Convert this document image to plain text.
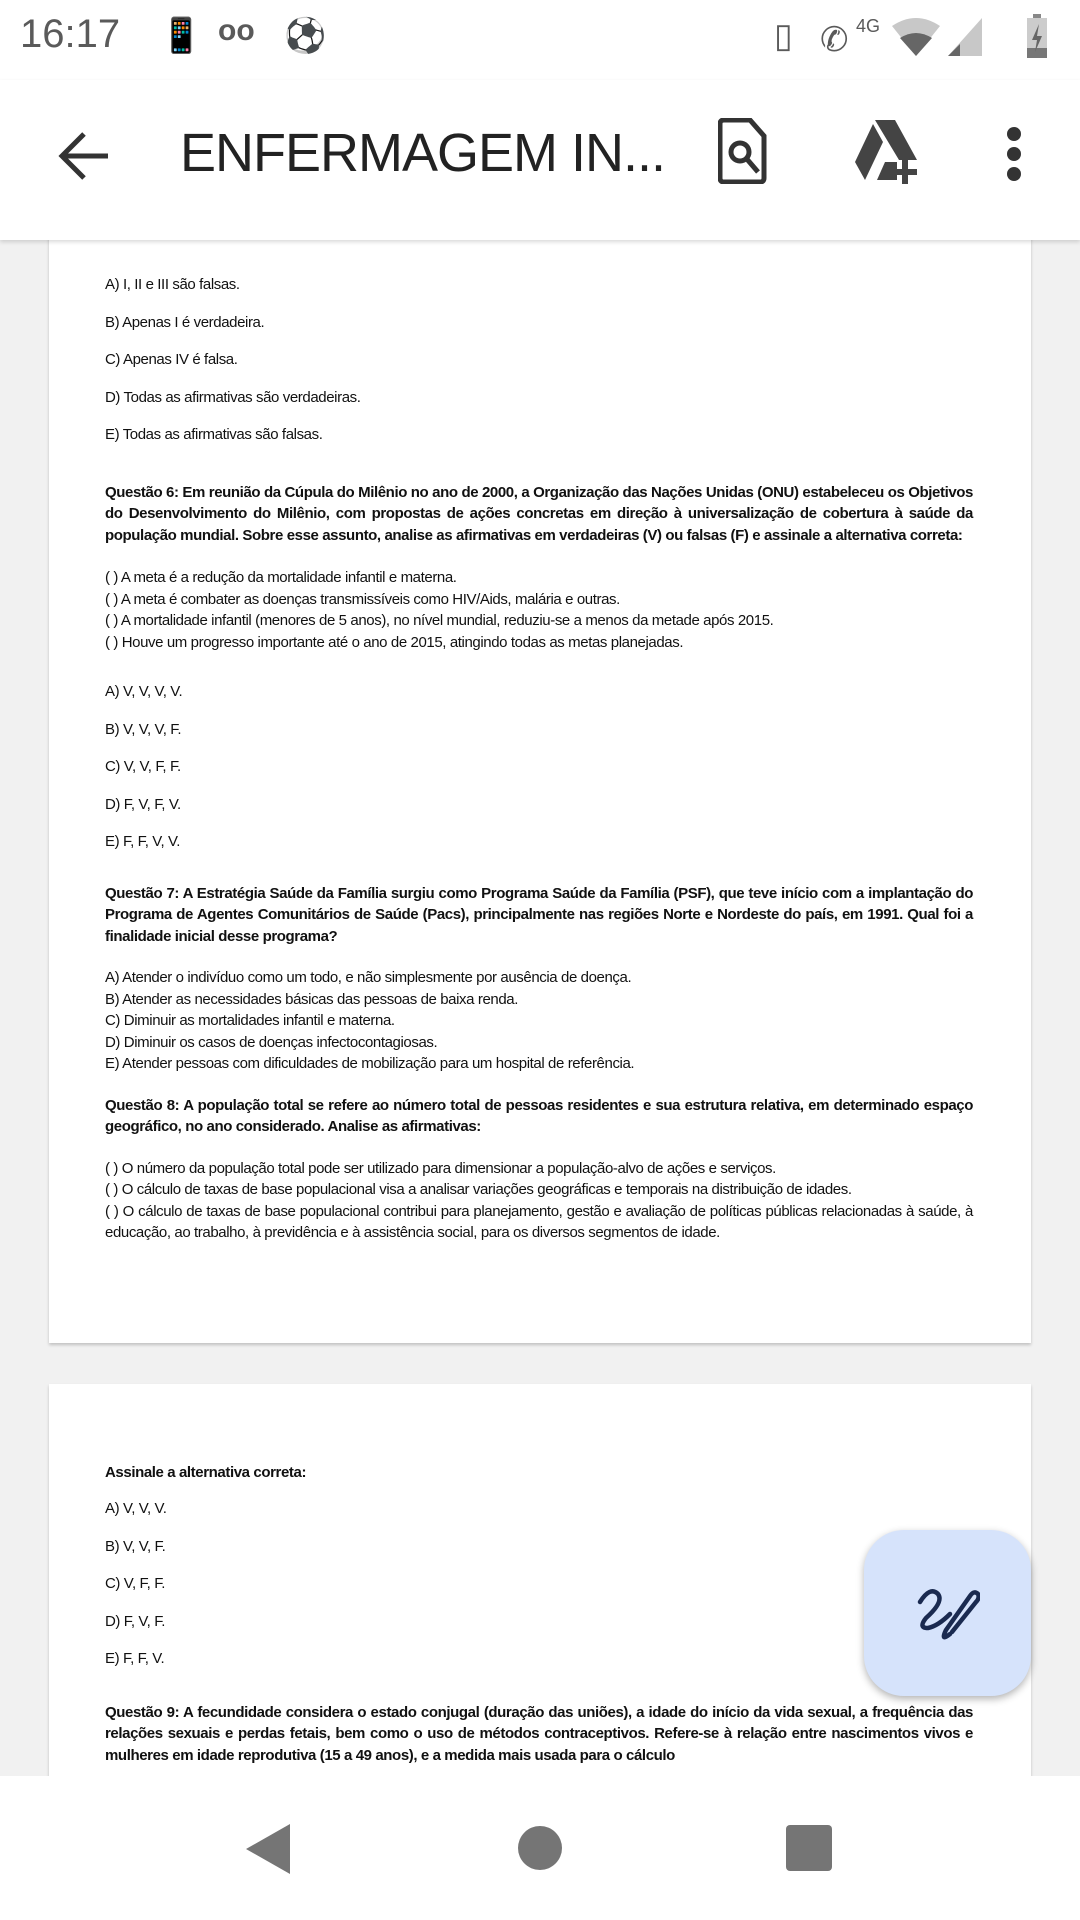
16:17 📱 oo ⚽	▯ ✆ 4G
ENFERMAGEM IN...
A) I, II e III são falsas.
B) Apenas I é verdadeira.
C) Apenas IV é falsa.
D) Todas as afirmativas são verdadeiras.
E) Todas as afirmativas são falsas.
Questão 6: Em reunião da Cúpula do Milênio no ano de 2000, a Organização das Nações Unidas (ONU) estabeleceu os Objetivos do Desenvolvimento do Milênio, com propostas de ações concretas em direção à universalização de cobertura à saúde da população mundial. Sobre esse assunto, analise as afirmativas em verdadeiras (V) ou falsas (F) e assinale a alternativa correta:
( ) A meta é a redução da mortalidade infantil e materna.
( ) A meta é combater as doenças transmissíveis como HIV/Aids, malária e outras.
( ) A mortalidade infantil (menores de 5 anos), no nível mundial, reduziu-se a menos da metade após 2015.
( ) Houve um progresso importante até o ano de 2015, atingindo todas as metas planejadas.
A) V, V, V, V.
B) V, V, V, F.
C) V, V, F, F.
D) F, V, F, V.
E) F, F, V, V.
Questão 7: A Estratégia Saúde da Família surgiu como Programa Saúde da Família (PSF), que teve início com a implantação do Programa de Agentes Comunitários de Saúde (Pacs), principalmente nas regiões Norte e Nordeste do país, em 1991. Qual foi a finalidade inicial desse programa?
A) Atender o indivíduo como um todo, e não simplesmente por ausência de doença.
B) Atender as necessidades básicas das pessoas de baixa renda.
C) Diminuir as mortalidades infantil e materna.
D) Diminuir os casos de doenças infectocontagiosas.
E) Atender pessoas com dificuldades de mobilização para um hospital de referência.
Questão 8: A população total se refere ao número total de pessoas residentes e sua estrutura relativa, em determinado espaço geográfico, no ano considerado. Analise as afirmativas:
( ) O número da população total pode ser utilizado para dimensionar a população-alvo de ações e serviços.
( ) O cálculo de taxas de base populacional visa a analisar variações geográficas e temporais na distribuição de idades.
( ) O cálculo de taxas de base populacional contribui para planejamento, gestão e avaliação de políticas públicas relacionadas à saúde, à educação, ao trabalho, à previdência e à assistência social, para os diversos segmentos de idade.
Assinale a alternativa correta:
A) V, V, V.
B) V, V, F.
C) V, F, F.
D) F, V, F.
E) F, F, V.
Questão 9: A fecundidade considera o estado conjugal (duração das uniões), a idade do início da vida sexual, a frequência das relações sexuais e perdas fetais, bem como o uso de métodos contraceptivos. Refere-se à relação entre nascimentos vivos e mulheres em idade reprodutiva (15 a 49 anos), e a medida mais usada para o cálculo
